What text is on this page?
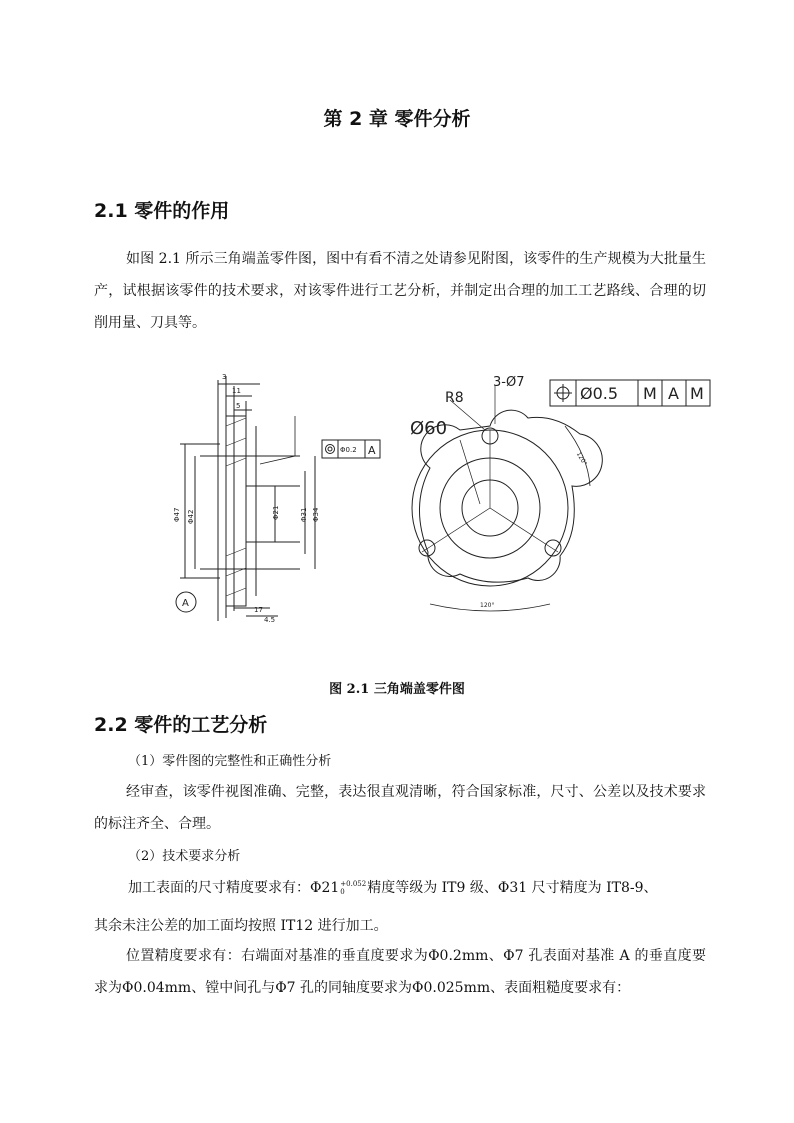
第 2 章 零件分析
2.1 零件的作用
如图 2.1 所示三角端盖零件图，图中有看不清之处请参见附图，该零件的生产规模为大批量生产，试根据该零件的技术要求，对该零件进行工艺分析，并制定出合理的加工工艺路线、合理的切削用量、刀具等。
3
11
5
Φ47 Φ42	Φ21	Φ31 Φ34
17
4.5
A
Φ0.2 A
R8
3-Ø7
Ø60
Ø0.5 M A M
120°
120°
图 2.1 三角端盖零件图
2.2 零件的工艺分析
（1）零件图的完整性和正确性分析
经审查，该零件视图准确、完整，表达很直观清晰，符合国家标准，尺寸、公差以及技术要求的标注齐全、合理。
（2）技术要求分析
加工表面的尺寸精度要求有：Φ21 +0.052
0	精度等级为 IT9 级、Φ31 尺寸精度为 IT8-9、
其余未注公差的加工面均按照 IT12 进行加工。
位置精度要求有：右端面对基准的垂直度要求为Φ0.2mm、Φ7 孔表面对基准 A 的垂直度要求为Φ0.04mm、镗中间孔与Φ7 孔的同轴度要求为Φ0.025mm、表面粗糙度要求有：
